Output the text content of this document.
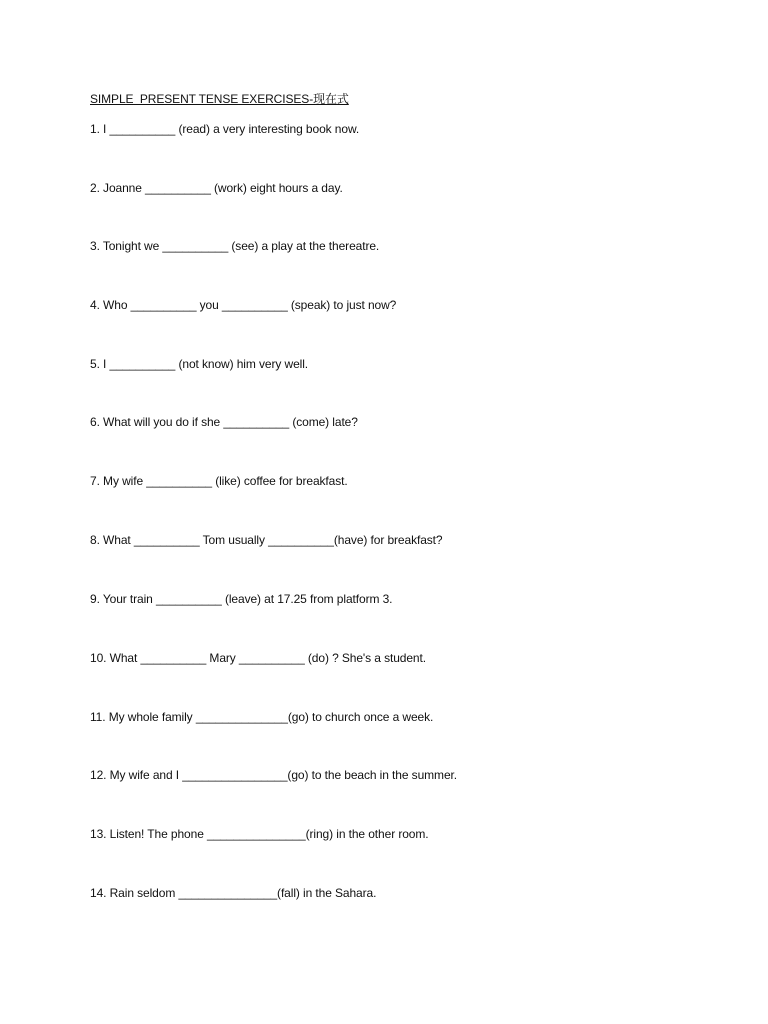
SIMPLE  PRESENT TENSE EXERCISES-现在式
1. I __________ (read) a very interesting book now.
2. Joanne __________ (work) eight hours a day.
3. Tonight we __________ (see) a play at the thereatre.
4. Who __________ you __________ (speak) to just now?
5. I __________ (not know) him very well.
6. What will you do if she __________ (come) late?
7. My wife __________ (like) coffee for breakfast.
8. What __________ Tom usually __________(have) for breakfast?
9. Your train __________ (leave) at 17.25 from platform 3.
10. What __________ Mary __________ (do) ? She's a student.
11. My whole family ______________(go) to church once a week.
12. My wife and I ________________(go) to the beach in the summer.
13. Listen! The phone _______________(ring) in the other room.
14. Rain seldom _______________(fall) in the Sahara.
